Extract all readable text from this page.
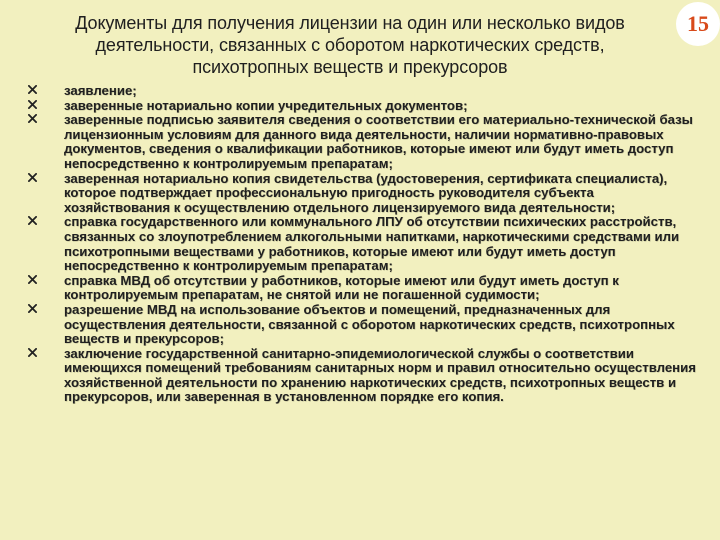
Документы для получения лицензии на один или несколько видов
деятельности, связанных с оборотом наркотических средств,
психотропных веществ и прекурсоров
15
заявление;
заверенные нотариально копии учредительных документов;
заверенные подписью заявителя сведения о соответствии его материально-технической базы лицензионным условиям для данного вида деятельности, наличии нормативно-правовых документов, сведения о квалификации работников, которые имеют или будут иметь доступ непосредственно к контролируемым препаратам;
заверенная нотариально копия свидетельства (удостоверения, сертификата специалиста), которое подтверждает профессиональную пригодность руководителя субъекта хозяйствования к осуществлению отдельного лицензируемого вида деятельности;
справка государственного или коммунального ЛПУ об отсутствии психических расстройств, связанных со злоупотреблением алкогольными напитками, наркотическими средствами или психотропными веществами у работников, которые имеют или будут иметь доступ непосредственно к контролируемым препаратам;
справка МВД об отсутствии у работников, которые имеют или будут иметь доступ к контролируемым препаратам, не снятой или не погашенной судимости;
разрешение МВД на использование объектов и помещений, предназначенных для осуществления деятельности, связанной с оборотом наркотических средств, психотропных веществ и прекурсоров;
заключение государственной санитарно-эпидемиологической службы о соответствии имеющихся помещений требованиям санитарных норм и правил относительно осуществления хозяйственной деятельности по хранению наркотических средств, психотропных веществ и прекурсоров, или заверенная в установленном порядке его копия.
